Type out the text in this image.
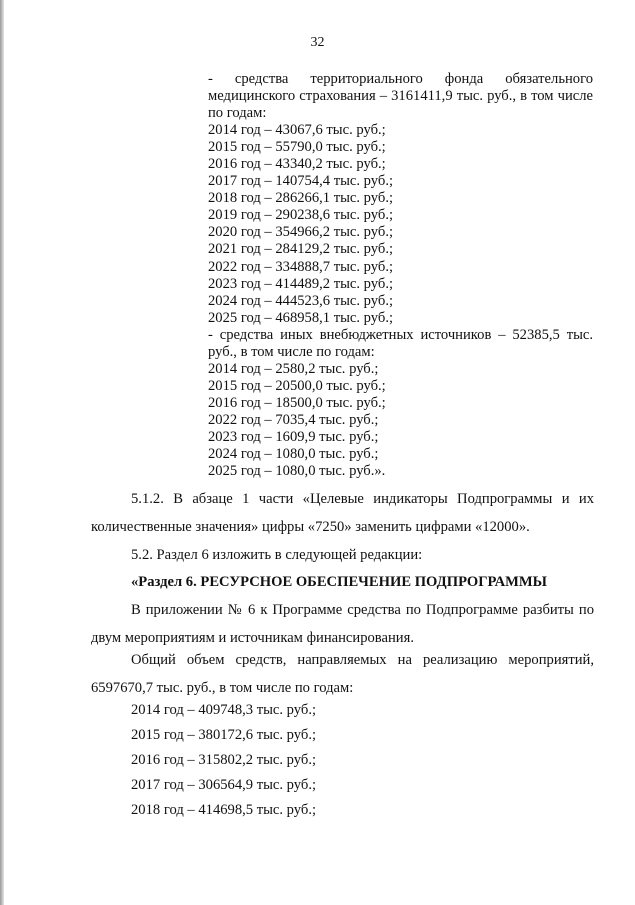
32
- средства территориального фонда обязательного медицинского страхования – 3161411,9 тыс. руб., в том числе по годам:
2014 год – 43067,6 тыс. руб.;
2015 год – 55790,0 тыс. руб.;
2016 год – 43340,2 тыс. руб.;
2017 год – 140754,4 тыс. руб.;
2018 год – 286266,1 тыс. руб.;
2019 год – 290238,6 тыс. руб.;
2020 год – 354966,2 тыс. руб.;
2021 год – 284129,2 тыс. руб.;
2022 год – 334888,7 тыс. руб.;
2023 год – 414489,2 тыс. руб.;
2024 год – 444523,6 тыс. руб.;
2025 год – 468958,1 тыс. руб.;
- средства иных внебюджетных источников – 52385,5 тыс. руб., в том числе по годам:
2014 год – 2580,2 тыс. руб.;
2015 год – 20500,0 тыс. руб.;
2016 год – 18500,0 тыс. руб.;
2022 год – 7035,4 тыс. руб.;
2023 год – 1609,9 тыс. руб.;
2024 год – 1080,0 тыс. руб.;
2025 год – 1080,0 тыс. руб.».
5.1.2. В абзаце 1 части «Целевые индикаторы Подпрограммы и их количественные значения» цифры «7250» заменить цифрами «12000».
5.2. Раздел 6 изложить в следующей редакции:
«Раздел 6. РЕСУРСНОЕ ОБЕСПЕЧЕНИЕ ПОДПРОГРАММЫ
В приложении № 6 к Программе средства по Подпрограмме разбиты по двум мероприятиям и источникам финансирования.
Общий объем средств, направляемых на реализацию мероприятий, 6597670,7 тыс. руб., в том числе по годам:
2014 год – 409748,3 тыс. руб.;
2015 год – 380172,6 тыс. руб.;
2016 год – 315802,2 тыс. руб.;
2017 год – 306564,9 тыс. руб.;
2018 год – 414698,5 тыс. руб.;
